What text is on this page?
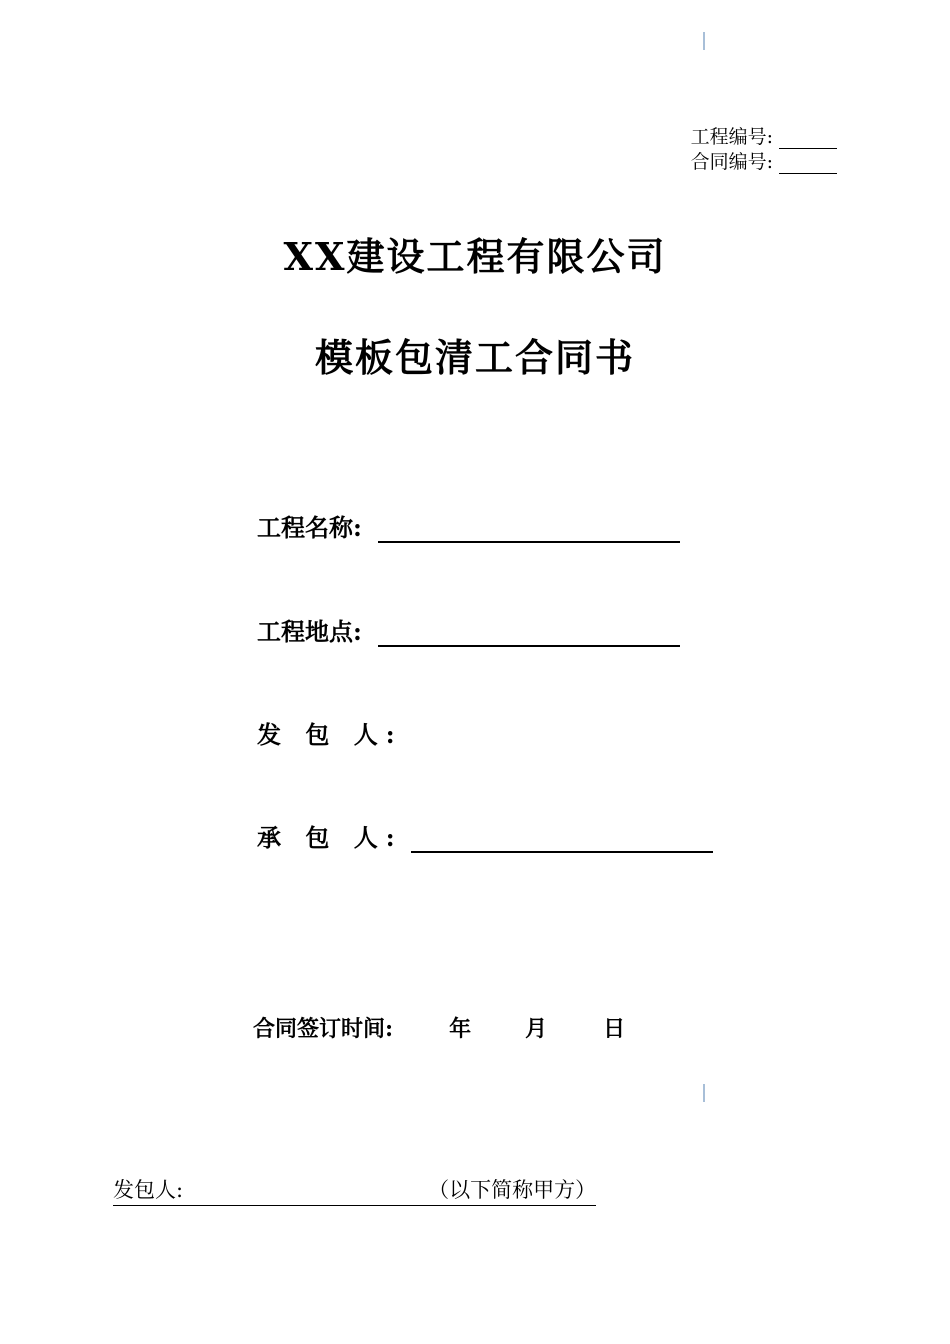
工程编号:
合同编号:
XX建设工程有限公司
模板包清工合同书
工程名称:
工程地点:
发 包 人:
承 包 人:
合同签订时间:	年 月	日
发包人:	（以下简称甲方）
